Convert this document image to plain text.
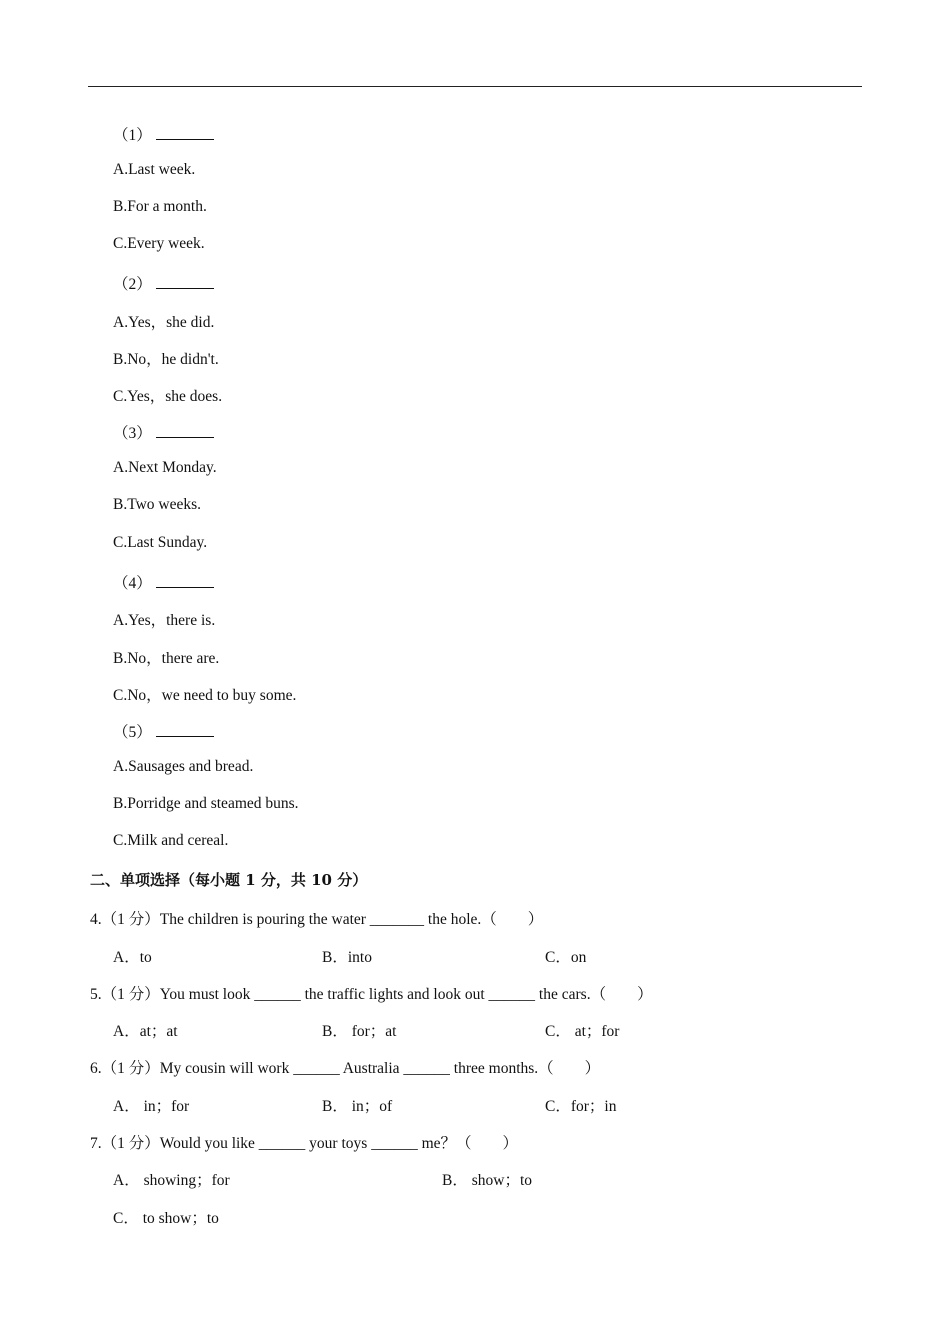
（1）
A.Last week.
B.For a month.
C.Every week.
（2）
A.Yes，she did.
B.No，he didn't.
C.Yes，she does.
（3）
A.Next Monday.
B.Two weeks.
C.Last Sunday.
（4）
A.Yes，there is.
B.No，there are.
C.No，we need to buy some.
（5）
A.Sausages and bread.
B.Porridge and steamed buns.
C.Milk and cereal.
二、单项选择（每小题 1 分，共 10 分）
4.（1 分）The children is pouring the water _______ the hole.（　　）
A．to	B．into	C．on
5.（1 分）You must look ______ the traffic lights and look out ______ the cars.（　　）
A．at；at	B． for；at	C． at；for
6.（1 分）My cousin will work ______ Australia ______ three months.（　　）
A． in；for	B． in；of	C．for；in
7.（1 分）Would you like ______ your toys ______ me？（　　）
A． showing；for	B． show；to
C． to show；to
